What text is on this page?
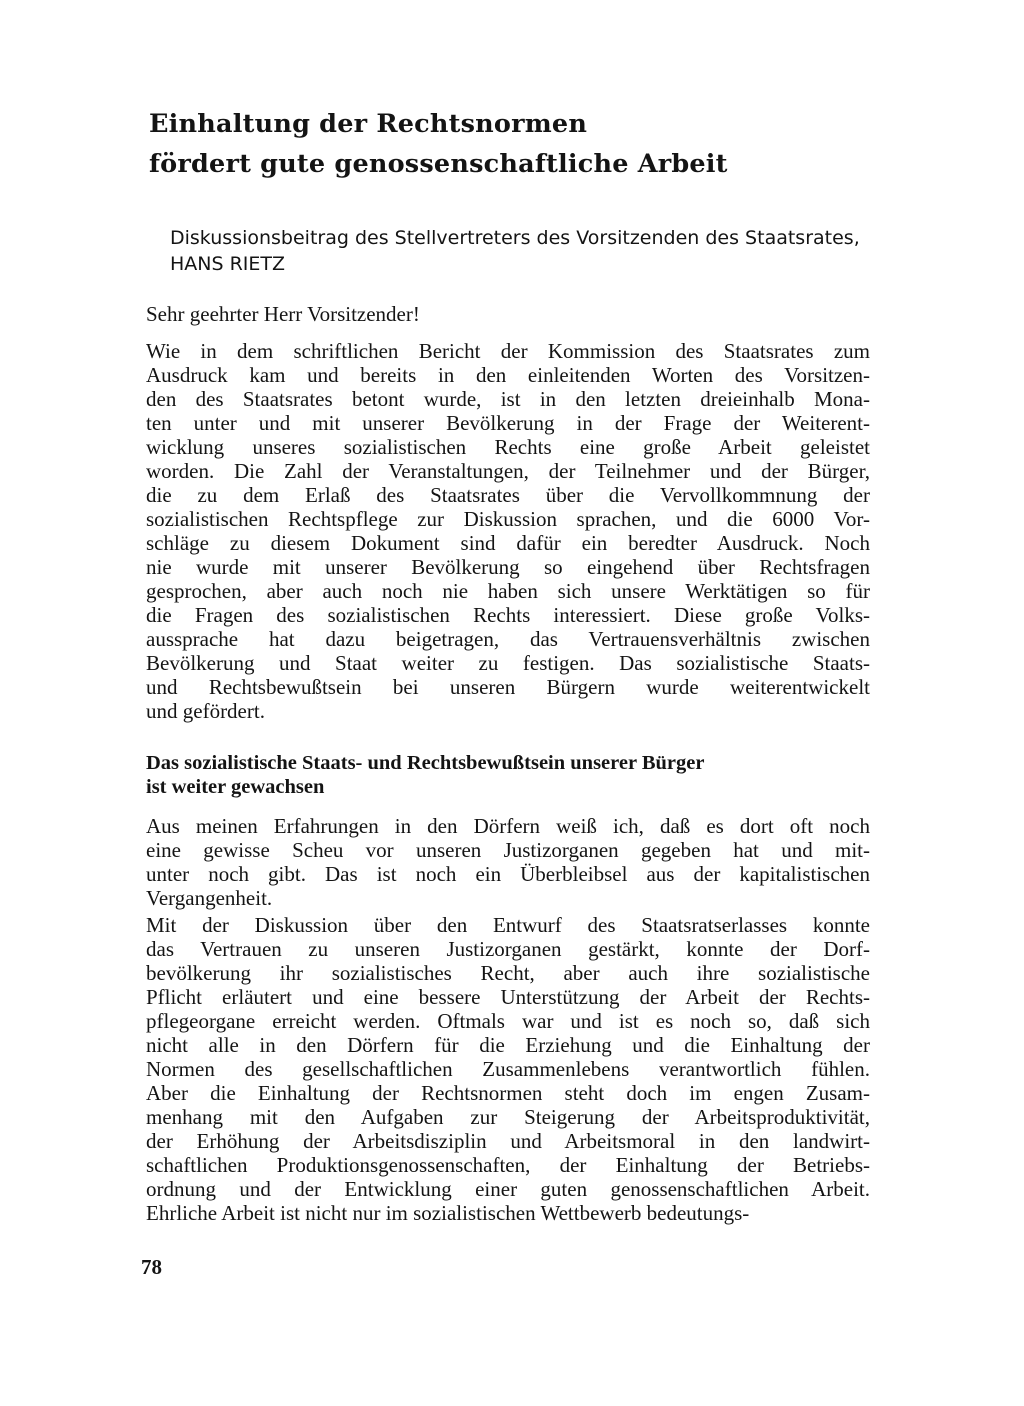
Einhaltung der Rechtsnormen
fördert gute genossenschaftliche Arbeit

Diskussionsbeitrag des Stellvertreters des Vorsitzenden des Staatsrates,
HANS RIETZ

Sehr geehrter Herr Vorsitzender!

Wie in dem schriftlichen Bericht der Kommission des Staatsrates zum
Ausdruck kam und bereits in den einleitenden Worten des Vorsitzen-
den des Staatsrates betont wurde, ist in den letzten dreieinhalb Mona-
ten unter und mit unserer Bevölkerung in der Frage der Weiterent-
wicklung unseres sozialistischen Rechts eine große Arbeit geleistet
worden. Die Zahl der Veranstaltungen, der Teilnehmer und der Bürger,
die zu dem Erlaß des Staatsrates über die Vervollkommnung der
sozialistischen Rechtspflege zur Diskussion sprachen, und die 6000 Vor-
schläge zu diesem Dokument sind dafür ein beredter Ausdruck. Noch
nie wurde mit unserer Bevölkerung so eingehend über Rechtsfragen
gesprochen, aber auch noch nie haben sich unsere Werktätigen so für
die Fragen des sozialistischen Rechts interessiert. Diese große Volks-
aussprache hat dazu beigetragen, das Vertrauensverhältnis zwischen
Bevölkerung und Staat weiter zu festigen. Das sozialistische Staats-
und Rechtsbewußtsein bei unseren Bürgern wurde weiterentwickelt
und gefördert.

Das sozialistische Staats- und Rechtsbewußtsein unserer Bürger
ist weiter gewachsen

Aus meinen Erfahrungen in den Dörfern weiß ich, daß es dort oft noch
eine gewisse Scheu vor unseren Justizorganen gegeben hat und mit-
unter noch gibt. Das ist noch ein Überbleibsel aus der kapitalistischen
Vergangenheit.

Mit der Diskussion über den Entwurf des Staatsratserlasses konnte
das Vertrauen zu unseren Justizorganen gestärkt, konnte der Dorf-
bevölkerung ihr sozialistisches Recht, aber auch ihre sozialistische
Pflicht erläutert und eine bessere Unterstützung der Arbeit der Rechts-
pflegeorgane erreicht werden. Oftmals war und ist es noch so, daß sich
nicht alle in den Dörfern für die Erziehung und die Einhaltung der
Normen des gesellschaftlichen Zusammenlebens verantwortlich fühlen.
Aber die Einhaltung der Rechtsnormen steht doch im engen Zusam-
menhang mit den Aufgaben zur Steigerung der Arbeitsproduktivität,
der Erhöhung der Arbeitsdisziplin und Arbeitsmoral in den landwirt-
schaftlichen Produktionsgenossenschaften, der Einhaltung der Betriebs-
ordnung und der Entwicklung einer guten genossenschaftlichen Arbeit.
Ehrliche Arbeit ist nicht nur im sozialistischen Wettbewerb bedeutungs-

78
